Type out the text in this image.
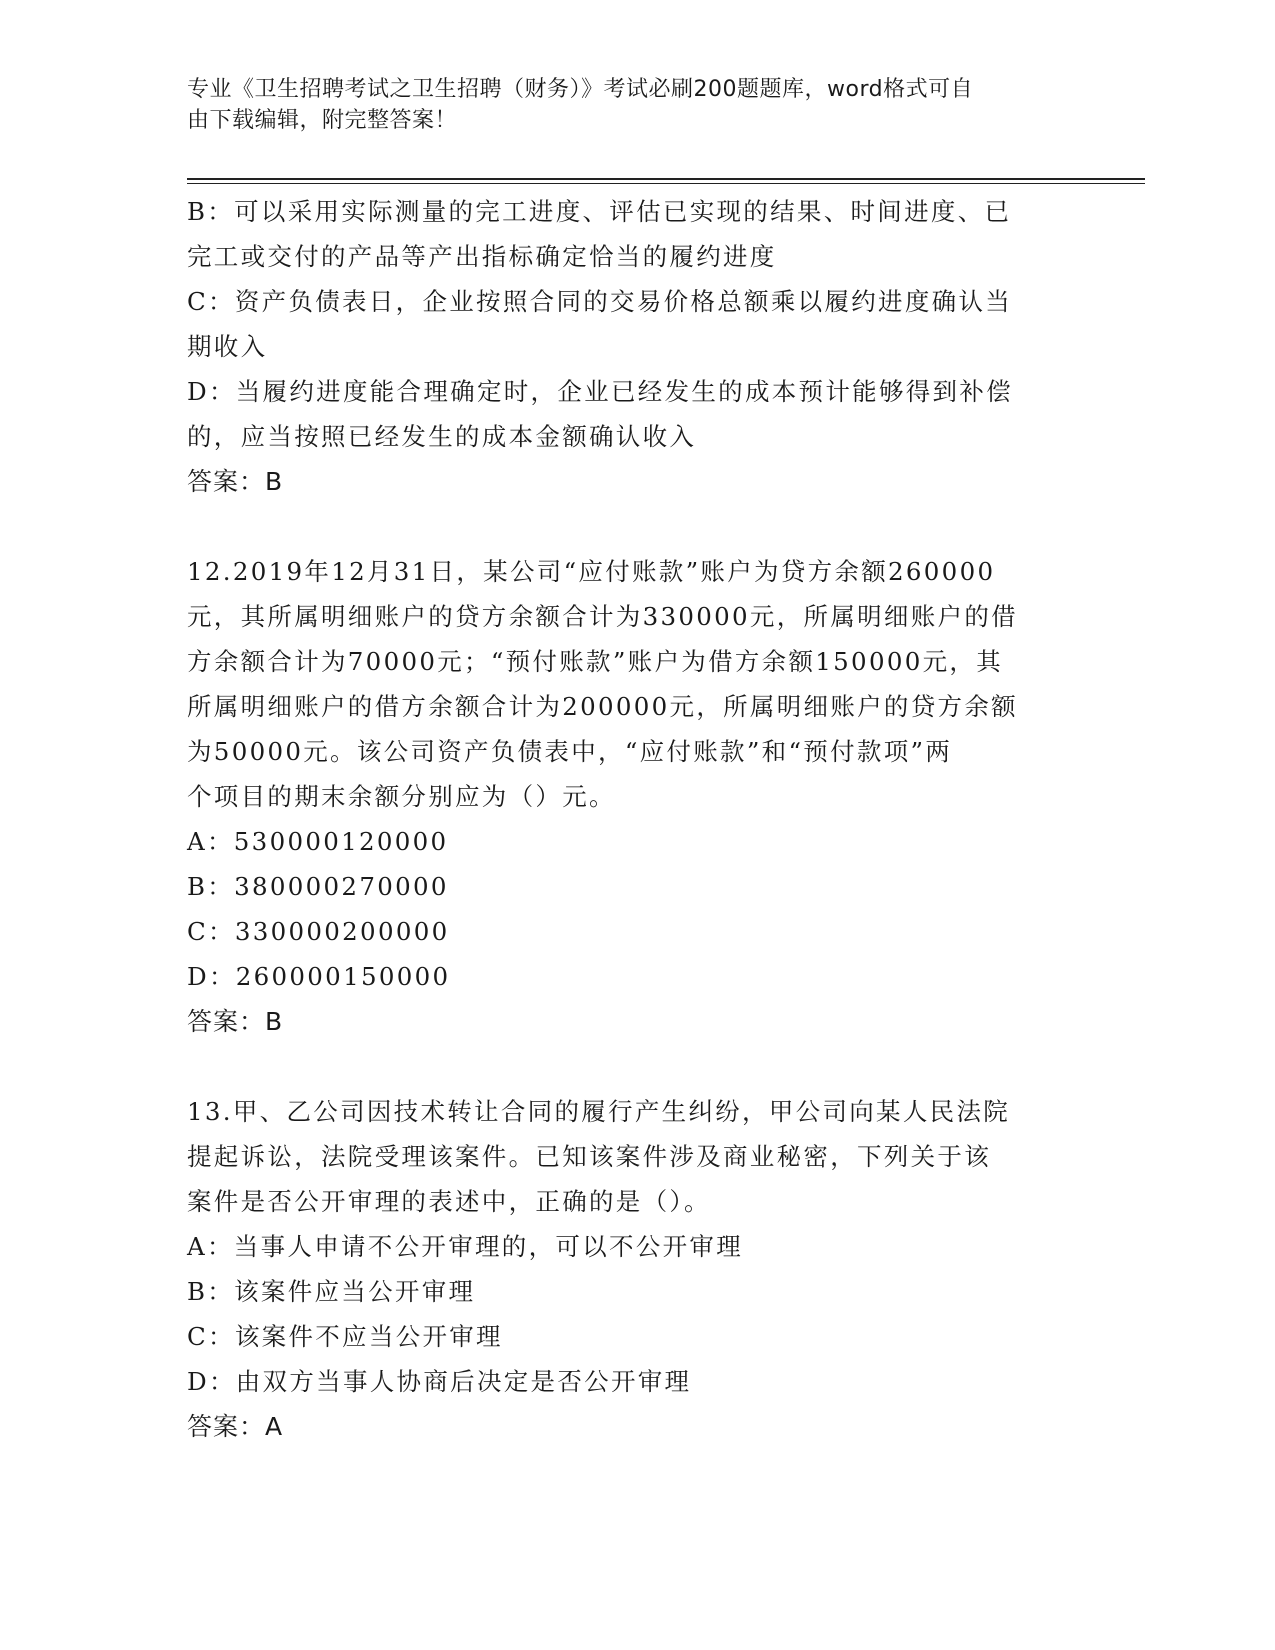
专业《卫生招聘考试之卫生招聘（财务）》考试必刷200题题库，word格式可自
由下载编辑，附完整答案！

B：可以采用实际测量的完工进度、评估已实现的结果、时间进度、已

完工或交付的产品等产出指标确定恰当的履约进度

C：资产负债表日，企业按照合同的交易价格总额乘以履约进度确认当

期收入

D：当履约进度能合理确定时，企业已经发生的成本预计能够得到补偿

的，应当按照已经发生的成本金额确认收入

答案：B

12.2019年12月31日，某公司“应付账款”账户为贷方余额260000

元，其所属明细账户的贷方余额合计为330000元，所属明细账户的借

方余额合计为70000元；“预付账款”账户为借方余额150000元，其

所属明细账户的借方余额合计为200000元，所属明细账户的贷方余额

为50000元。该公司资产负债表中，“应付账款”和“预付款项”两

个项目的期末余额分别应为（）元。

A：530000120000

B：380000270000

C：330000200000

D：260000150000

答案：B

13.甲、乙公司因技术转让合同的履行产生纠纷，甲公司向某人民法院

提起诉讼，法院受理该案件。已知该案件涉及商业秘密，下列关于该

案件是否公开审理的表述中，正确的是（）。

A：当事人申请不公开审理的，可以不公开审理

B：该案件应当公开审理

C：该案件不应当公开审理

D：由双方当事人协商后决定是否公开审理

答案：A
